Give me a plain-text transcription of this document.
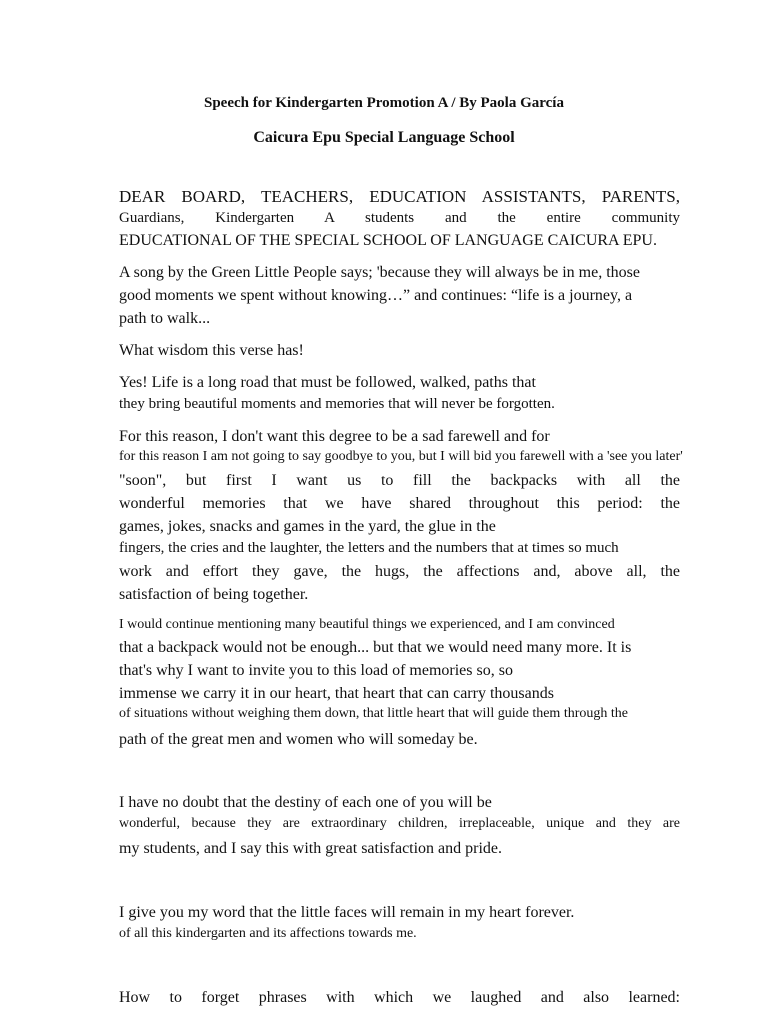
Speech for Kindergarten Promotion A / By Paola García
Caicura Epu Special Language School
DEAR BOARD, TEACHERS, EDUCATION ASSISTANTS, PARENTS,
Guardians, Kindergarten A students and the entire community
EDUCATIONAL OF THE SPECIAL SCHOOL OF LANGUAGE CAICURA EPU.
A song by the Green Little People says; 'because they will always be in me, those
good moments we spent without knowing…” and continues: “life is a journey, a
path to walk...
What wisdom this verse has!
Yes! Life is a long road that must be followed, walked, paths that
they bring beautiful moments and memories that will never be forgotten.
For this reason, I don't want this degree to be a sad farewell and for
for this reason I am not going to say goodbye to you, but I will bid you farewell with a 'see you later'
"soon", but first I want us to fill the backpacks with all the
wonderful memories that we have shared throughout this period: the
games, jokes, snacks and games in the yard, the glue in the
fingers, the cries and the laughter, the letters and the numbers that at times so much
work and effort they gave, the hugs, the affections and, above all, the
satisfaction of being together.
I would continue mentioning many beautiful things we experienced, and I am convinced
that a backpack would not be enough... but that we would need many more. It is
that's why I want to invite you to this load of memories so, so
immense we carry it in our heart, that heart that can carry thousands
of situations without weighing them down, that little heart that will guide them through the
path of the great men and women who will someday be.
I have no doubt that the destiny of each one of you will be
wonderful, because they are extraordinary children, irreplaceable, unique and they are
my students, and I say this with great satisfaction and pride.
I give you my word that the little faces will remain in my heart forever.
of all this kindergarten and its affections towards me.
How to forget phrases with which we laughed and also learned:
